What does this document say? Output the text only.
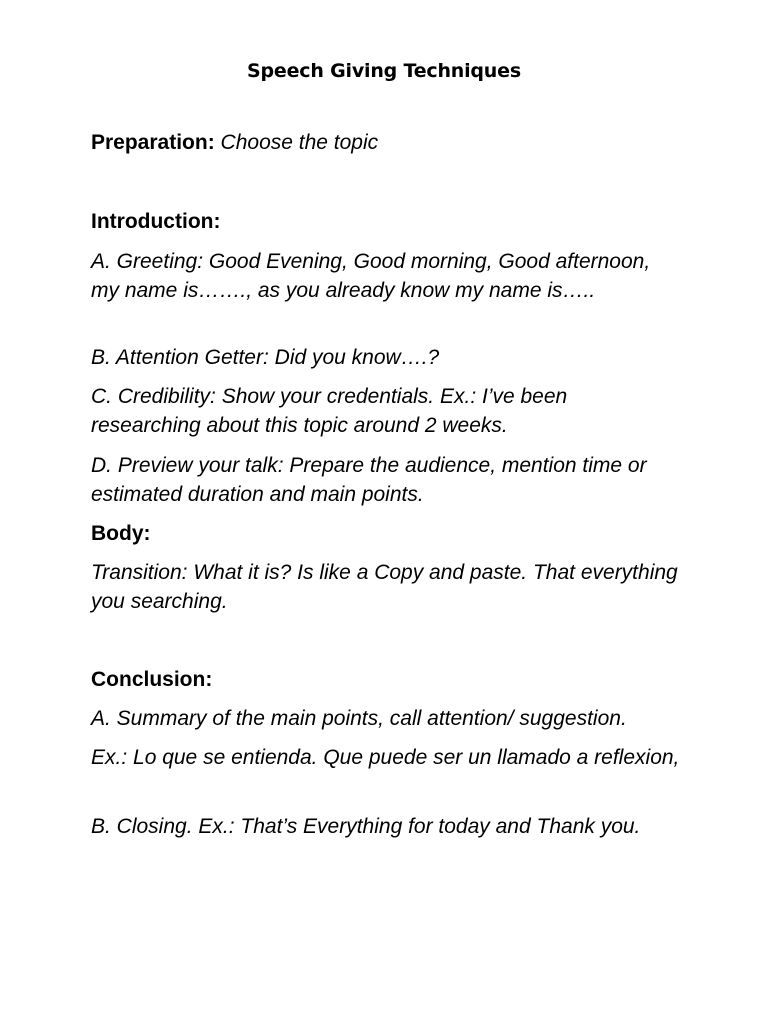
Speech Giving Techniques
Preparation: Choose the topic
Introduction:
A. Greeting: Good Evening, Good morning, Good afternoon, my name is……., as you already know my name is…..
B. Attention Getter: Did you know….?
C. Credibility: Show your credentials. Ex.: I’ve been researching about this topic around 2 weeks.
D. Preview your talk: Prepare the audience, mention time or estimated duration and main points.
Body:
Transition: What it is? Is like a Copy and paste. That everything you searching.
Conclusion:
A. Summary of the main points, call attention/ suggestion.
Ex.: Lo que se entienda. Que puede ser un llamado a reflexion,
B. Closing. Ex.: That’s Everything for today and Thank you.
